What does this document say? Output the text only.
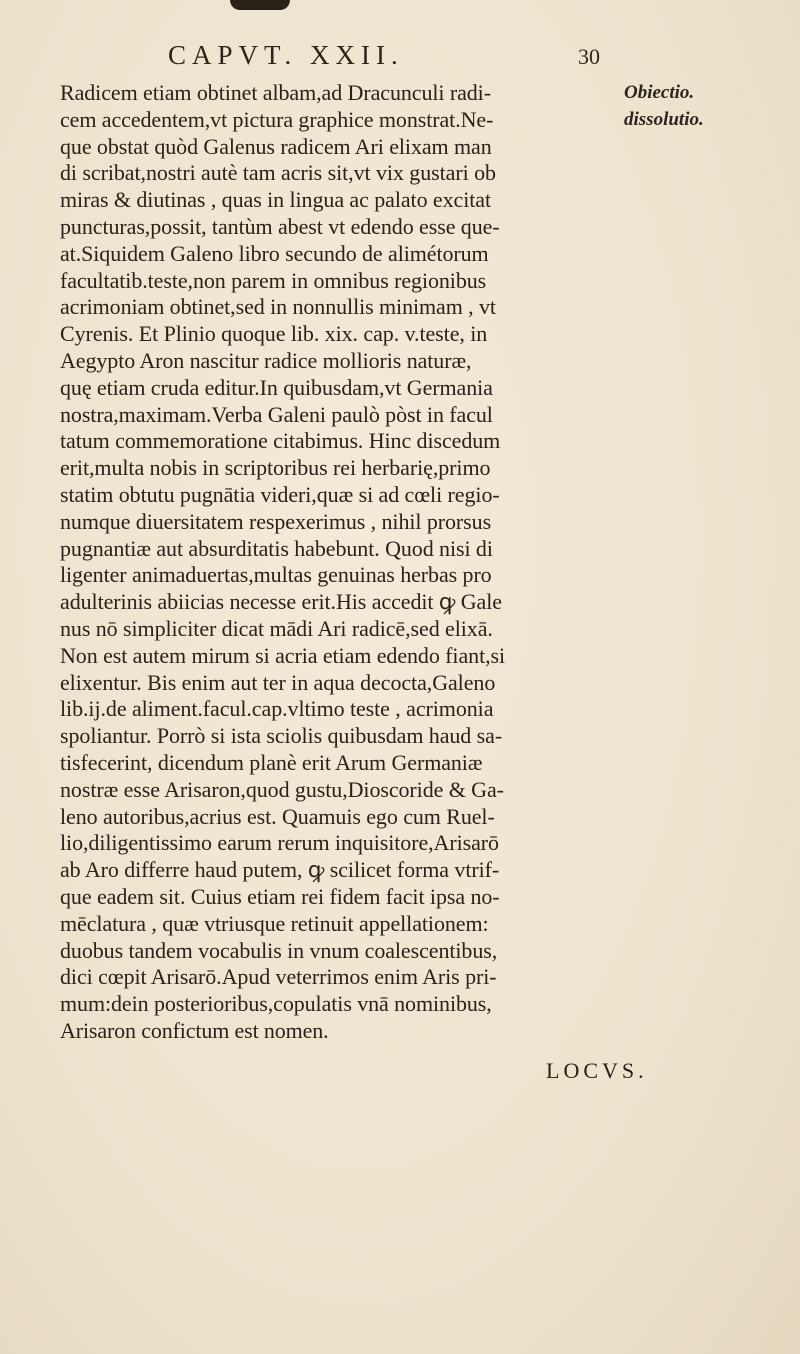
CAPVT. XXII.	30
Obiectio.
dissolutio.
Radicem etiam obtinet albam,ad Dracunculi radi-
cem accedentem,vt pictura graphice monstrat.Ne-
que obstat quòd Galenus radicem Ari elixam man
di scribat,nostri autè tam acris sit,vt vix gustari ob
miras & diutinas , quas in lingua ac palato excitat
puncturas,possit, tantùm abest vt edendo esse que-
at.Siquidem Galeno libro secundo de alimétorum
facultatib.teste,non parem in omnibus regionibus
acrimoniam obtinet,sed in nonnullis minimam , vt
Cyrenis. Et Plinio quoque lib. xix. cap. v.teste, in
Aegypto Aron nascitur radice mollioris naturæ,
quę etiam cruda editur.In quibusdam,vt Germania
nostra,maximam.Verba Galeni paulò pòst in facul
tatum commemoratione citabimus. Hinc discedum
erit,multa nobis in scriptoribus rei herbarię,primo
statim obtutu pugnātia videri,quæ si ad cœli regio-
numque diuersitatem respexerimus , nihil prorsus
pugnantiæ aut absurditatis habebunt. Quod nisi di
ligenter animaduertas,multas genuinas herbas pro
adulterinis abiicias necesse erit.His accedit ꝙ Gale
nus nō simpliciter dicat mādi Ari radicē,sed elixā.
Non est autem mirum si acria etiam edendo fiant,si
elixentur. Bis enim aut ter in aqua decocta,Galeno
lib.ij.de aliment.facul.cap.vltimo teste , acrimonia
spoliantur. Porrò si ista sciolis quibusdam haud sa-
tisfecerint, dicendum planè erit Arum Germaniæ
nostræ esse Arisaron,quod gustu,Dioscoride & Ga-
leno autoribus,acrius est. Quamuis ego cum Ruel-
lio,diligentissimo earum rerum inquisitore,Arisarō
ab Aro differre haud putem, ꝙ scilicet forma vtrif-
que eadem sit. Cuius etiam rei fidem facit ipsa no-
mēclatura , quæ vtriusque retinuit appellationem:
duobus tandem vocabulis in vnum coalescentibus,
dici cœpit Arisarō.Apud veterrimos enim Aris pri-
mum:dein posterioribus,copulatis vnā nominibus,
Arisaron confictum est nomen.
LOCVS.
